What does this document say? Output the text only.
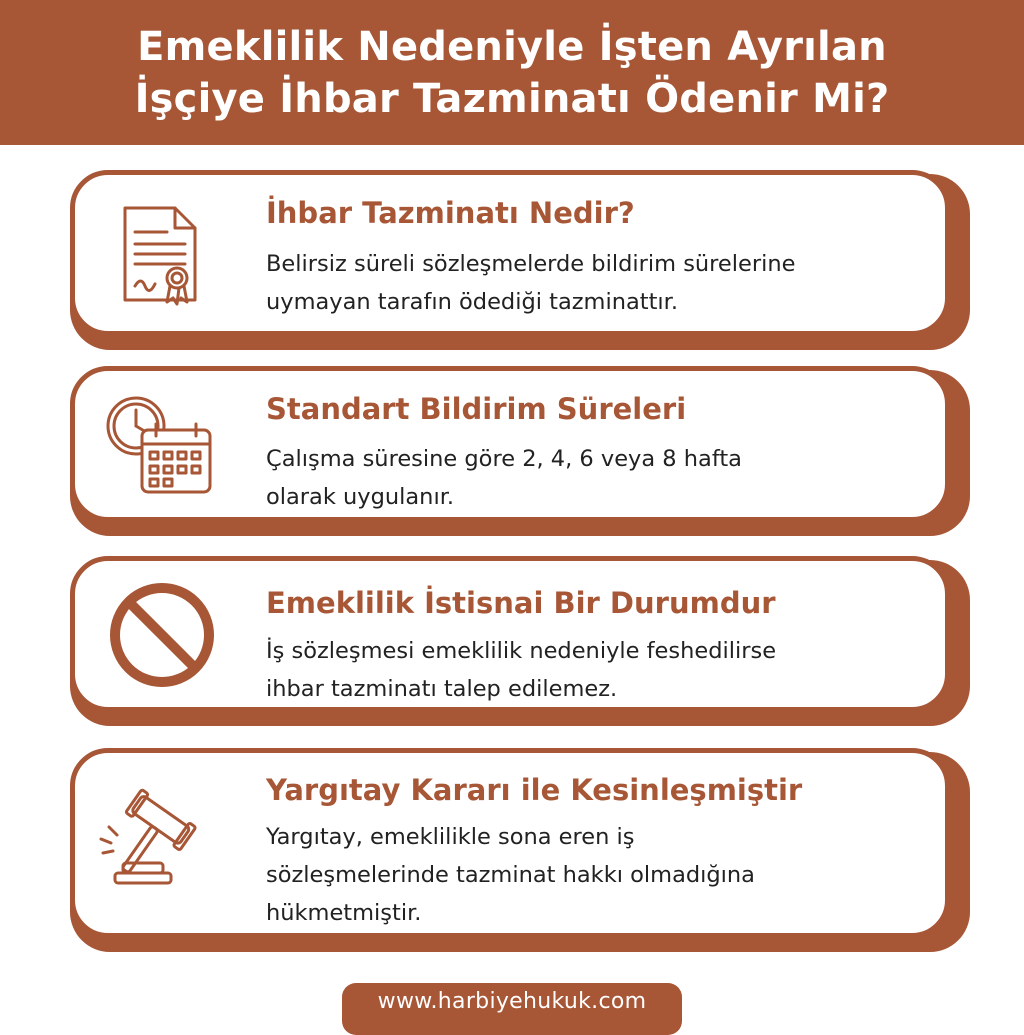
Emeklilik Nedeniyle İşten Ayrılan
İşçiye İhbar Tazminatı Ödenir Mi?
İhbar Tazminatı Nedir?
Belirsiz süreli sözleşmelerde bildirim sürelerine
uymayan tarafın ödediği tazminattır.
Standart Bildirim Süreleri
Çalışma süresine göre 2, 4, 6 veya 8 hafta
olarak uygulanır.
Emeklilik İstisnai Bir Durumdur
İş sözleşmesi emeklilik nedeniyle feshedilirse
ihbar tazminatı talep edilemez.
Yargıtay Kararı ile Kesinleşmiştir
Yargıtay, emeklilikle sona eren iş
sözleşmelerinde tazminat hakkı olmadığına
hükmetmiştir.
www.harbiyehukuk.com
